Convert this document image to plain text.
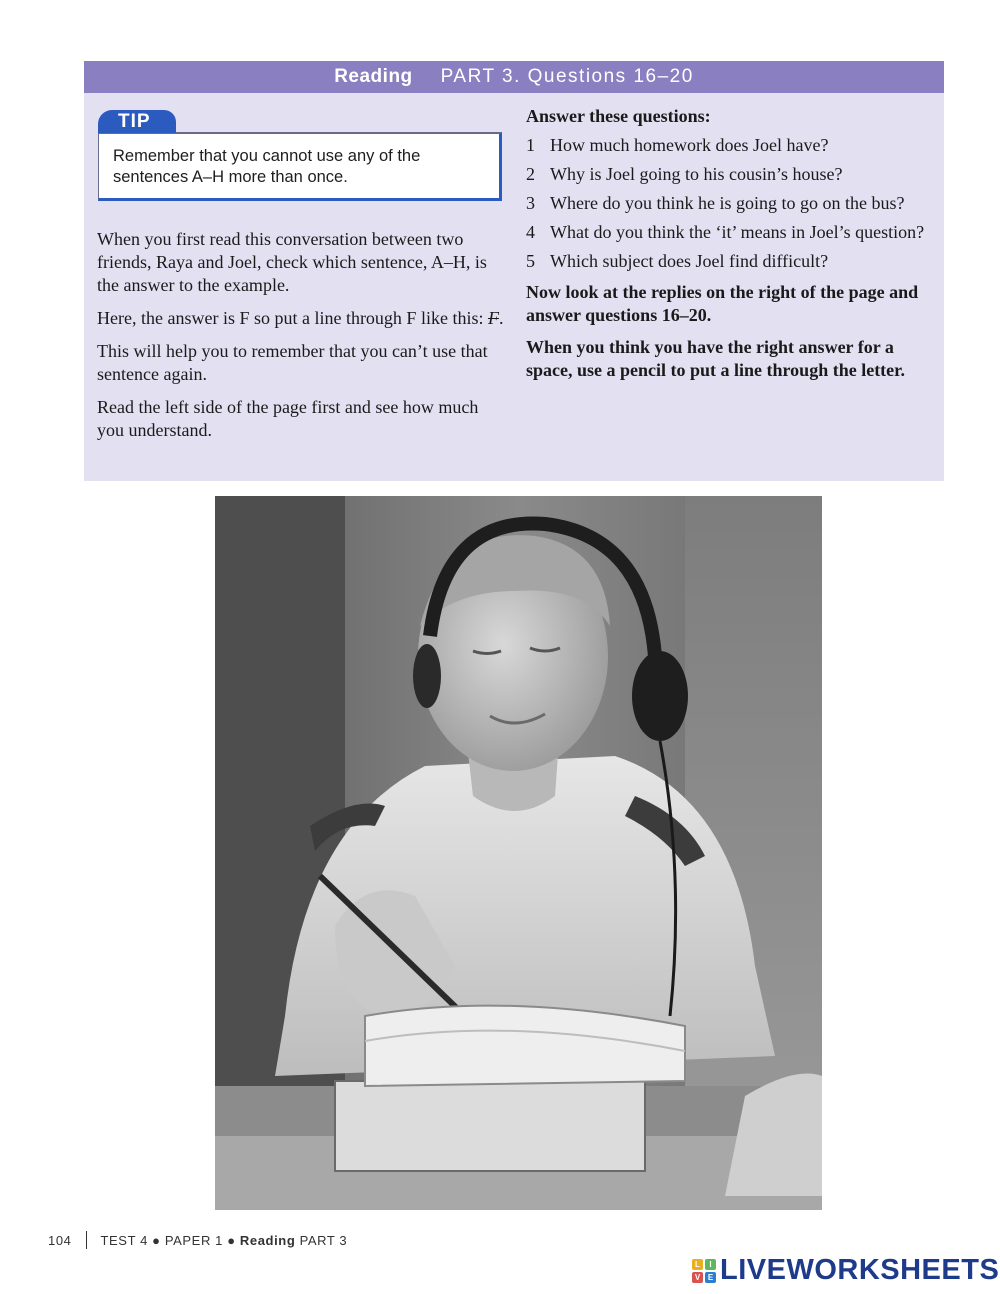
Reading PART 3. Questions 16–20
TIP
Remember that you cannot use any of the sentences A–H more than once.

When you first read this conversation between two friends, Raya and Joel, check which sentence, A–H, is the answer to the example.

Here, the answer is F so put a line through F like this: F.

This will help you to remember that you can’t use that sentence again.

Read the left side of the page first and see how much you understand.

Answer these questions:

1 How much homework does Joel have?
2 Why is Joel going to his cousin’s house?
3 Where do you think he is going to go on the bus?
4 What do you think the ‘it’ means in Joel’s question?
5 Which subject does Joel find difficult?

Now look at the replies on the right of the page and answer questions 16–20.

When you think you have the right answer for a space, use a pencil to put a line through the letter.

104 TEST 4 ● PAPER 1 ● Reading
PART 3
L	I
V E LIVEWORKSHEETS
